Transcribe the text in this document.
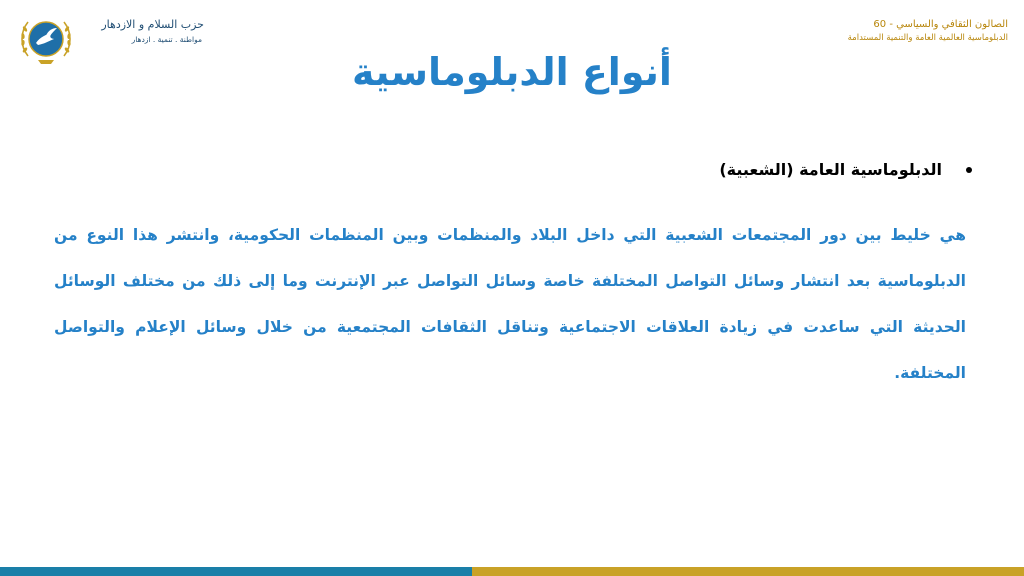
حزب السلام و الازدهار
مواطنة . تنمية . ازدهار
الصالون الثقافي والسياسي - 60
الدبلوماسية العالمية العامة والتنمية المستدامة
أنواع الدبلوماسية
الدبلوماسية العامة (الشعبية)
هي خليط بين دور المجتمعات الشعبية التي داخل البلاد والمنظمات وبين المنظمات الحكومية، وانتشر هذا النوع من الدبلوماسية بعد انتشار وسائل التواصل المختلفة خاصة وسائل التواصل عبر الإنترنت وما إلى ذلك من مختلف الوسائل الحديثة التي ساعدت في زيادة العلاقات الاجتماعية وتناقل الثقافات المجتمعية من خلال وسائل الإعلام والتواصل المختلفة.
